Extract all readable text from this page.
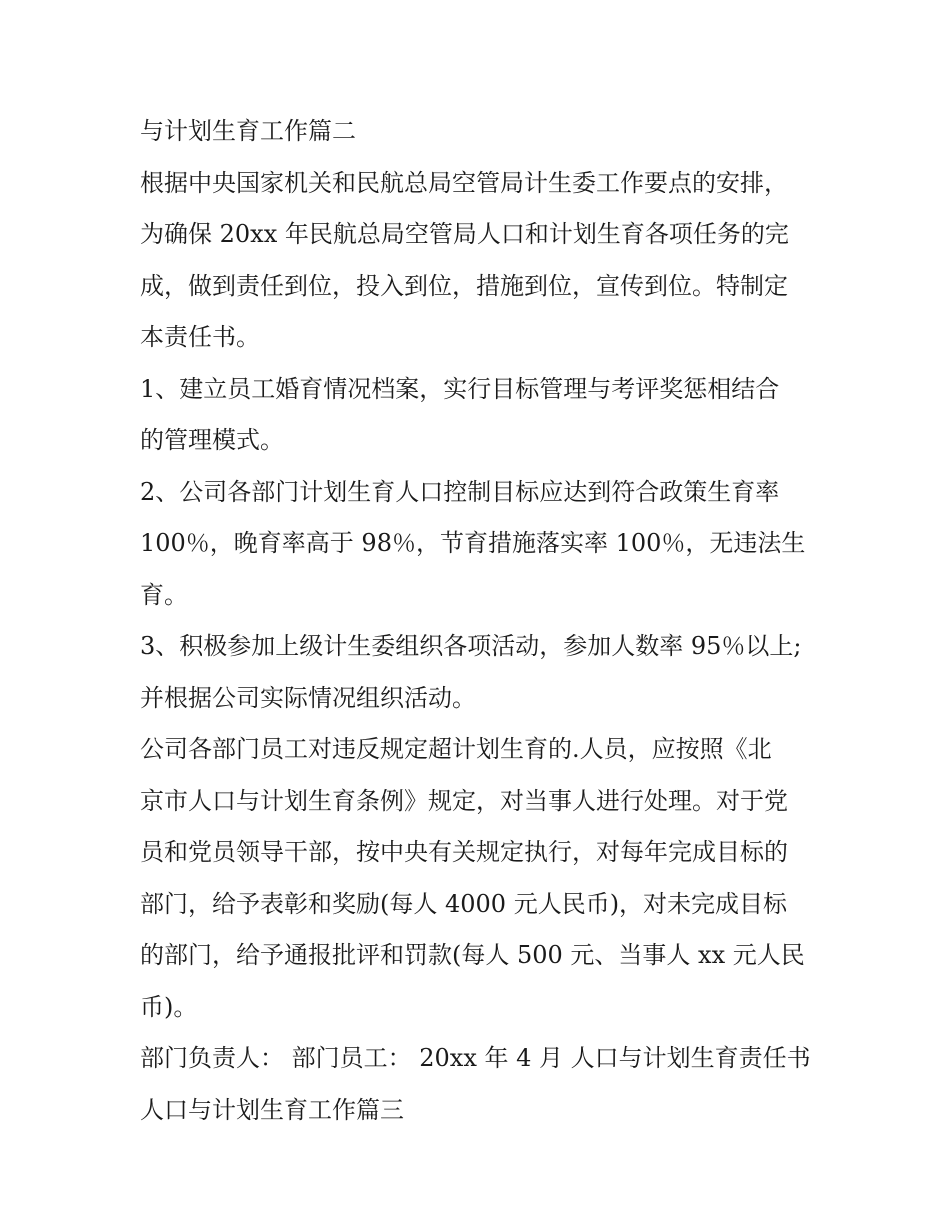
与计划生育工作篇二
根据中央国家机关和民航总局空管局计生委工作要点的安排，
为确保 20xx 年民航总局空管局人口和计划生育各项任务的完
成，做到责任到位，投入到位，措施到位，宣传到位。特制定
本责任书。
1、建立员工婚育情况档案，实行目标管理与考评奖惩相结合
的管理模式。
2、公司各部门计划生育人口控制目标应达到符合政策生育率
100％，晚育率高于 98％，节育措施落实率 100％，无违法生
育。
3、积极参加上级计生委组织各项活动，参加人数率 95％以上;
并根据公司实际情况组织活动。
公司各部门员工对违反规定超计划生育的.人员，应按照《北
京市人口与计划生育条例》规定，对当事人进行处理。对于党
员和党员领导干部，按中央有关规定执行，对每年完成目标的
部门，给予表彰和奖励(每人 4000 元人民币)，对未完成目标
的部门，给予通报批评和罚款(每人 500 元、当事人 xx 元人民
币)。
部门负责人： 部门员工： 20xx 年 4 月 人口与计划生育责任书
人口与计划生育工作篇三
